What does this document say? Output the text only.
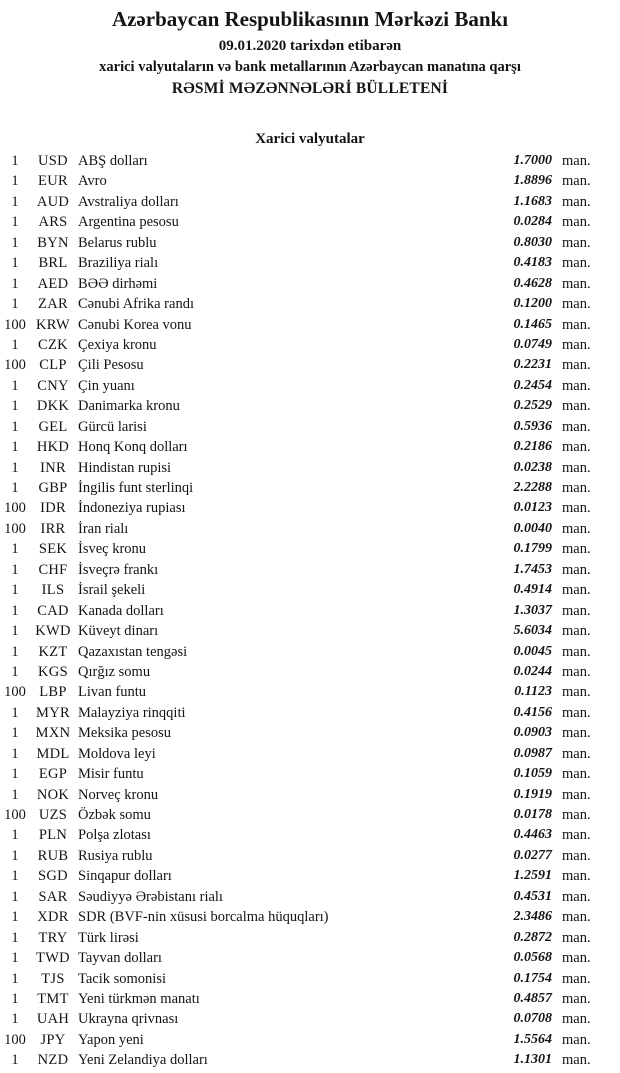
Azərbaycan Respublikasının Mərkəzi Bankı
09.01.2020 tarixdən etibarən
xarici valyutaların və bank metallarının Azərbaycan manatına qarşı
RƏSMİ MƏZƏNNƏLƏRİ BÜLLETENİ
Xarici valyutalar
1	USD ABŞ dolları	1.7000 man.
1	EUR Avro	1.8896 man.
1	AUD Avstraliya dolları	1.1683 man.
1	ARS Argentina pesosu	0.0284 man.
1	BYN Belarus rublu	0.8030 man.
1	BRL Braziliya rialı	0.4183 man.
1	AED BƏƏ dirhəmi	0.4628 man.
1	ZAR Cənubi Afrika randı	0.1200 man.
100 KRW Cənubi Korea vonu	0.1465 man.
1	CZK Çexiya kronu	0.0749 man.
100 CLP Çili Pesosu	0.2231 man.
1	CNY Çin yuanı	0.2454 man.
1	DKK Danimarka kronu	0.2529 man.
1	GEL Gürcü larisi	0.5936 man.
1	HKD Honq Konq dolları	0.2186 man.
1	INR Hindistan rupisi	0.0238 man.
1	GBP İngilis funt sterlinqi	2.2288 man.
100 IDR İndoneziya rupiası	0.0123 man.
100	IRR İran rialı	0.0040 man.
1	SEK İsveç kronu	0.1799 man.
1	CHF İsveçrə frankı	1.7453 man.
1	ILS İsrail şekeli	0.4914 man.
1	CAD Kanada dolları	1.3037 man.
1	KWD Küveyt dinarı	5.6034 man.
1	KZT Qazaxıstan tengəsi	0.0045 man.
1	KGS Qırğız somu	0.0244 man.
100 LBP Livan funtu	0.1123 man.
1	MYR Malayziya rinqqiti	0.4156 man.
1	MXN Meksika pesosu	0.0903 man.
1	MDL Moldova leyi	0.0987 man.
1	EGP Misir funtu	0.1059 man.
1	NOK Norveç kronu	0.1919 man.
100 UZS Özbək somu	0.0178 man.
1	PLN Polşa zlotası	0.4463 man.
1	RUB Rusiya rublu	0.0277 man.
1	SGD Sinqapur dolları	1.2591 man.
1	SAR Səudiyyə Ərəbistanı rialı	0.4531 man.
1	XDR SDR (BVF-nin xüsusi borcalma hüquqları)	2.3486 man.
1	TRY Türk lirəsi	0.2872 man.
1	TWD Tayvan dolları	0.0568 man.
1	TJS Tacik somonisi	0.1754 man.
1	TMT Yeni türkmən manatı	0.4857 man.
1	UAH Ukrayna qrivnası	0.0708 man.
100	JPY Yapon yeni	1.5564 man.
1	NZD Yeni Zelandiya dolları	1.1301 man.
